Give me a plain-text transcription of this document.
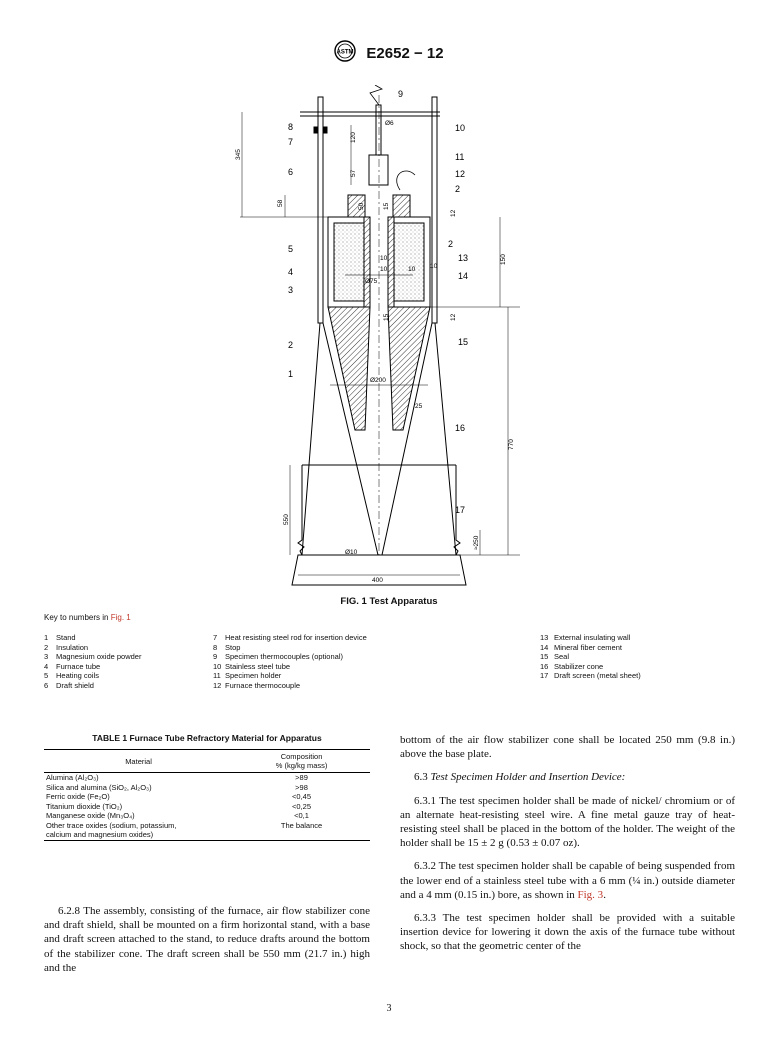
ASTM E2652 − 12
9
10
11
12
2
8
7
6
5
4
3
2
1
2
13
14
15
16
17
345
120
57
58	50	15
12
12
15
150
10
10	10 10
Ø75
Ø6
Ø200
25
770
550
≈250
Ø10
400
FIG. 1 Test Apparatus
Key to numbers in Fig. 1
1 Stand
2 Insulation
3 Magnesium oxide powder
4 Furnace tube
5 Heating coils
6 Draft shield
7 Heat resisting steel rod for insertion device
8 Stop
9 Specimen thermocouples (optional)
10 Stainless steel tube
11 Specimen holder
12 Furnace thermocouple
13 External insulating wall
14 Mineral fiber cement
15 Seal
16 Stabilizer cone
17 Draft screen (metal sheet)
TABLE 1 Furnace Tube Refractory Material for Apparatus
Material	Composition
% (kg/kg mass)
Alumina (Al₂O₃)	>89
Silica and alumina (SiO₂, Al₂O₃)	>98
Ferric oxide (Fe₂O)	<0,45
Titanium dioxide (TiO₂)	<0,25
Manganese oxide (Mn₃O₄)	<0,1
Other trace oxides (sodium, potassium,	The balance
calcium and magnesium oxides)	
6.2.8 The assembly, consisting of the furnace, air flow stabilizer cone and draft shield, shall be mounted on a firm horizontal stand, with a base and draft screen attached to the stand, to reduce drafts around the bottom of the stabilizer cone. The draft screen shall be 550 mm (21.7 in.) high and the

bottom of the air flow stabilizer cone shall be located 250 mm (9.8 in.) above the base plate.

6.3 Test Specimen Holder and Insertion Device:

6.3.1 The test specimen holder shall be made of nickel/ chromium or of an alternate heat-resisting steel wire. A fine metal gauze tray of heat-resisting steel shall be placed in the bottom of the holder. The weight of the holder shall be 15 ± 2 g (0.53 ± 0.07 oz).

6.3.2 The test specimen holder shall be capable of being suspended from the lower end of a stainless steel tube with a 6 mm (¼ in.) outside diameter and a 4 mm (0.15 in.) bore, as shown in Fig. 3.

6.3.3 The test specimen holder shall be provided with a suitable insertion device for lowering it down the axis of the furnace tube without shock, so that the geometric center of the

3
